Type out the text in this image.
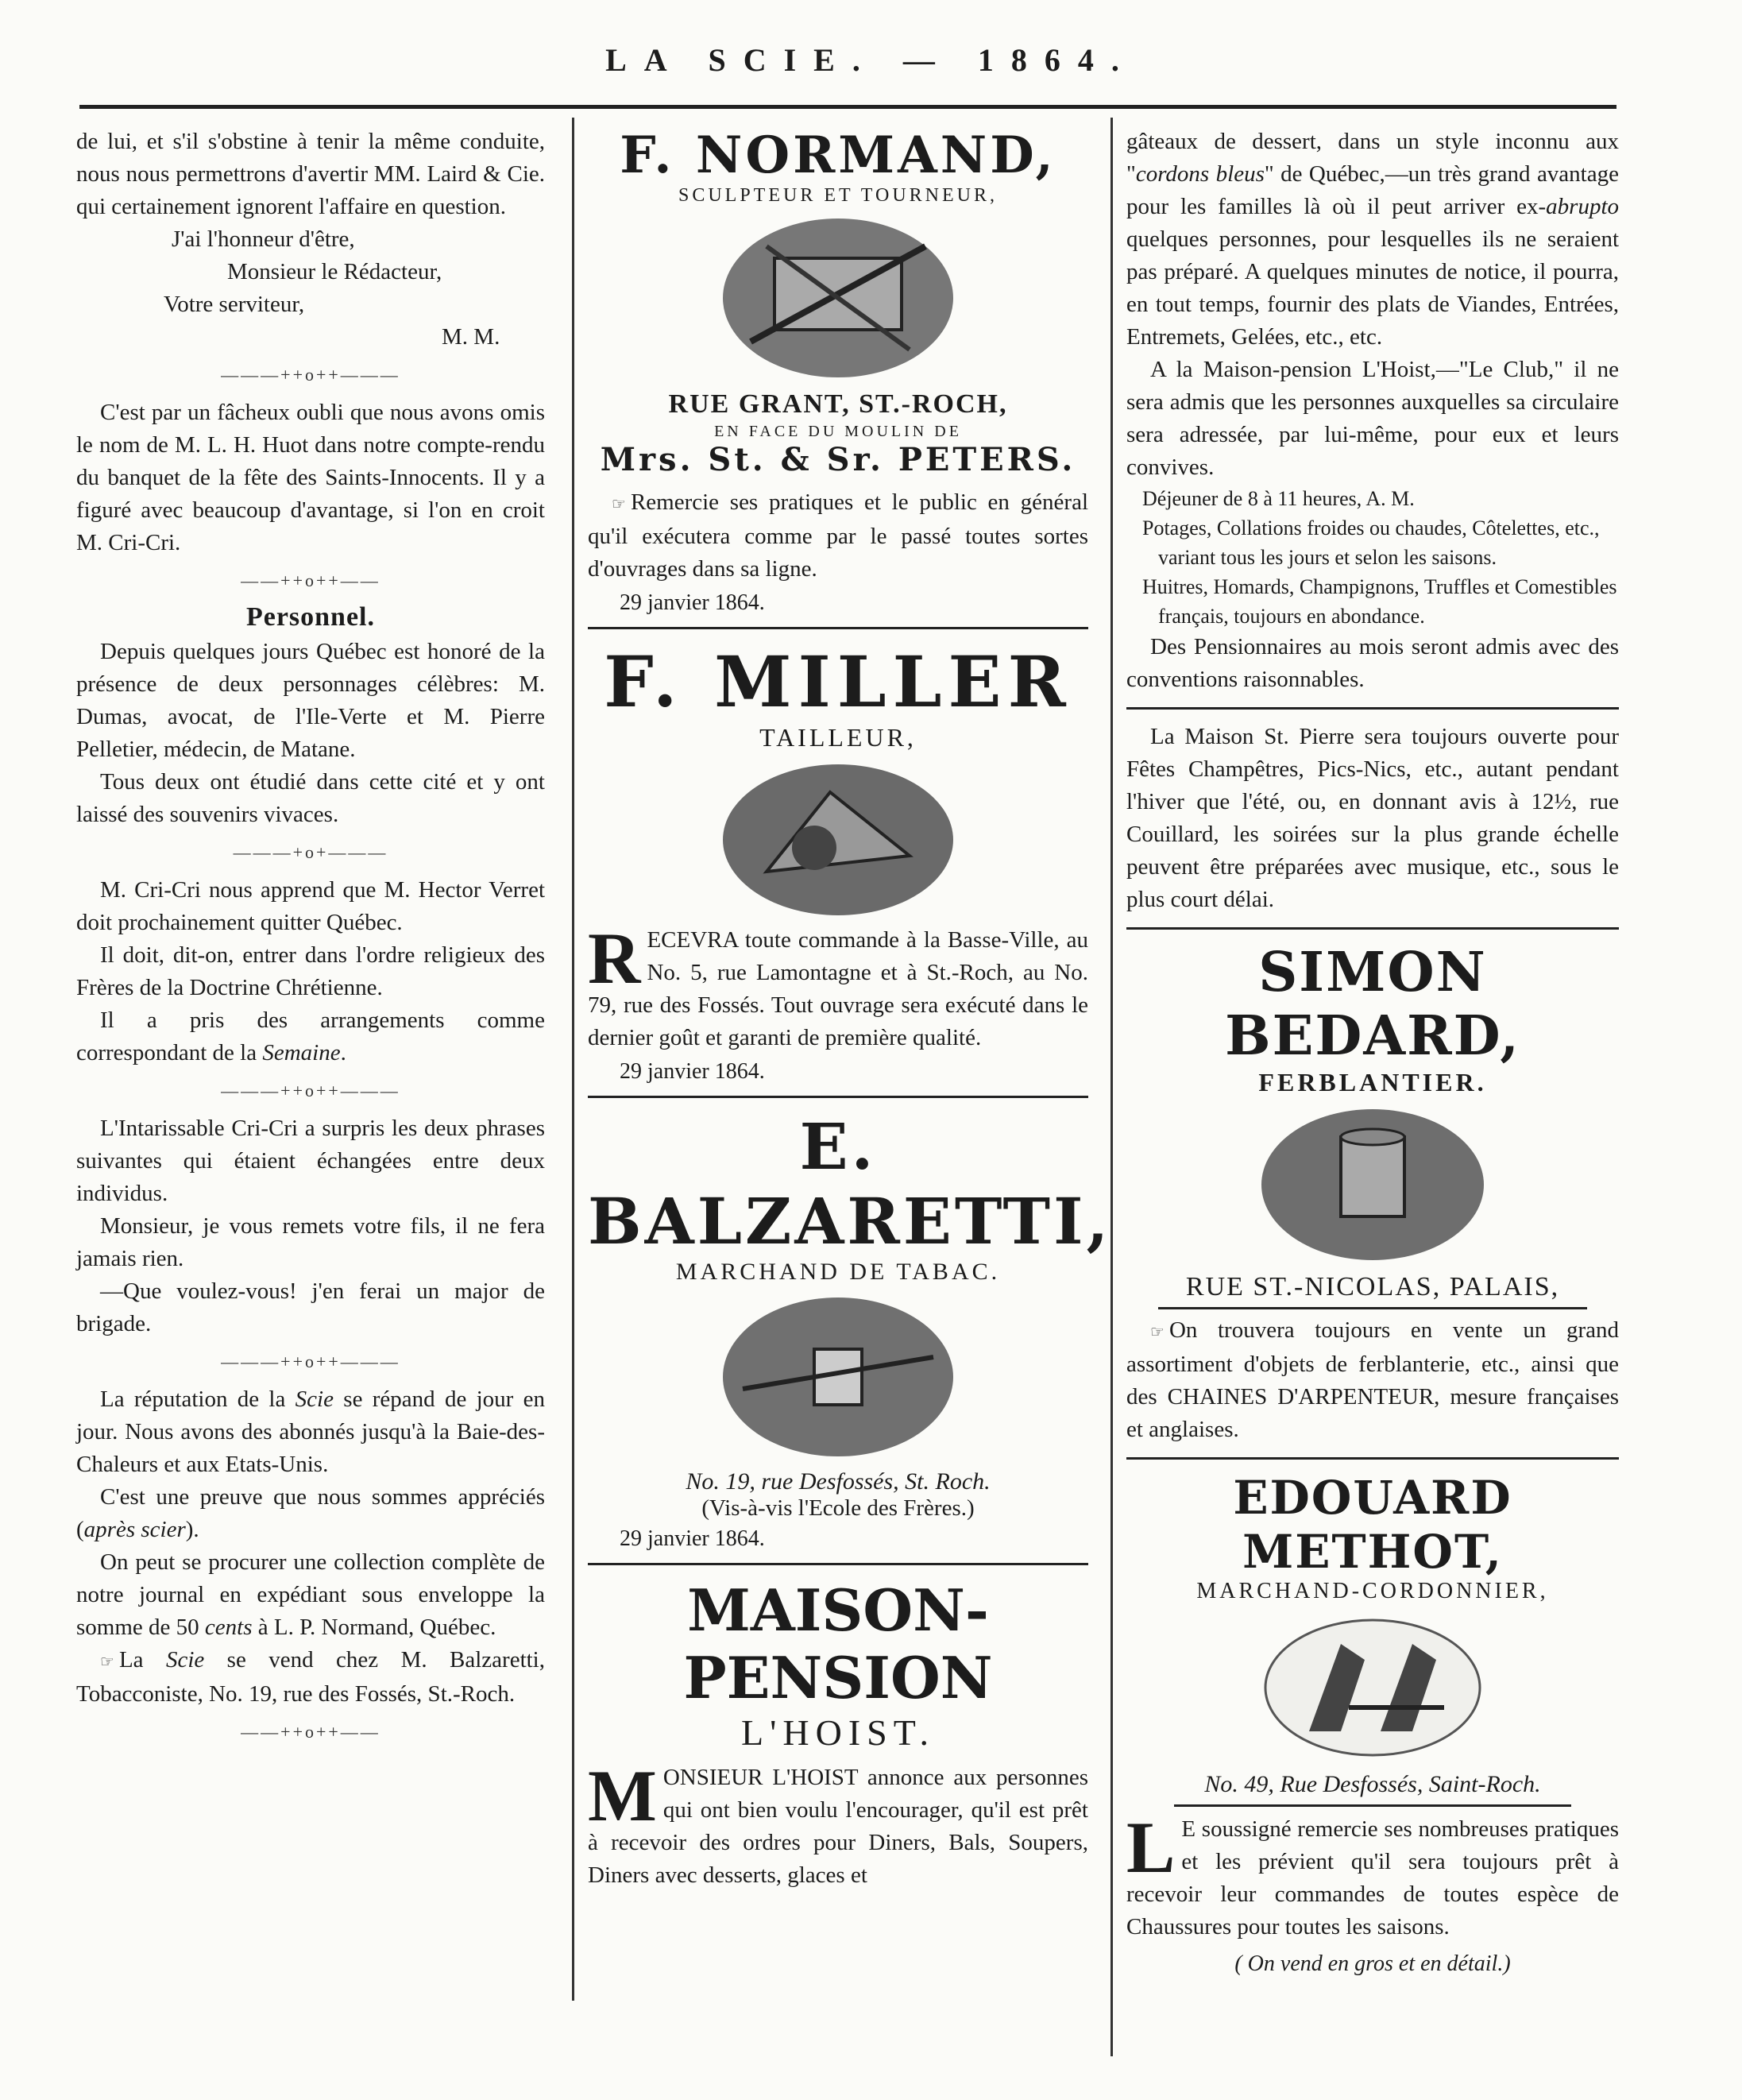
LA SCIE. — 1864.

de lui, et s'il s'obstine à tenir la même conduite, nous nous permettrons d'avertir MM. Laird & Cie. qui certainement ignorent l'affaire en question.

J'ai l'honneur d'être,
Monsieur le Rédacteur,
Votre serviteur,
M. M.
———++o++———

C'est par un fâcheux oubli que nous avons omis le nom de M. L. H. Huot dans notre compte-rendu du banquet de la fête des Saints-Innocents. Il y a figuré avec beaucoup d'avantage, si l'on en croit M. Cri-Cri.

——++o++——
Personnel.

Depuis quelques jours Québec est honoré de la présence de deux personnages célèbres: M. Dumas, avocat, de l'Ile-Verte et M. Pierre Pelletier, médecin, de Matane.

Tous deux ont étudié dans cette cité et y ont laissé des souvenirs vivaces.

———+o+———

M. Cri-Cri nous apprend que M. Hector Verret doit prochainement quitter Québec.

Il doit, dit-on, entrer dans l'ordre religieux des Frères de la Doctrine Chrétienne.

Il a pris des arrangements comme correspondant de la Semaine.

———++o++———

L'Intarissable Cri-Cri a surpris les deux phrases suivantes qui étaient échangées entre deux individus.

Monsieur, je vous remets votre fils, il ne fera jamais rien.

—Que voulez-vous! j'en ferai un major de brigade.

———++o++———

La réputation de la Scie se répand de jour en jour. Nous avons des abonnés jusqu'à la Baie-des-Chaleurs et aux Etats-Unis.

C'est une preuve que nous sommes appréciés (après scier).

On peut se procurer une collection complète de notre journal en expédiant sous enveloppe la somme de 50 cents à L. P. Normand, Québec.

☞ La Scie se vend chez M. Balzaretti, Tobacconiste, No. 19, rue des Fossés, St.-Roch.

——++o++——
F. NORMAND,
SCULPTEUR ET TOURNEUR,
RUE GRANT, ST.-ROCH,
EN FACE DU MOULIN DE
Mrs. St. & Sr. PETERS.

☞ Remercie ses pratiques et le public en général qu'il exécutera comme par le passé toutes sortes d'ouvrages dans sa ligne.

29 janvier 1864.
F. MILLER
TAILLEUR,

RECEVRA toute commande à la Basse-Ville, au No. 5, rue Lamontagne et à St.-Roch, au No. 79, rue des Fossés. Tout ouvrage sera exécuté dans le dernier goût et garanti de première qualité.

29 janvier 1864.
E. BALZARETTI,
MARCHAND DE TABAC.
No. 19, rue Desfossés, St. Roch.
(Vis-à-vis l'Ecole des Frères.)
29 janvier 1864.
MAISON-PENSION
L'HOIST.

MONSIEUR L'HOIST annonce aux personnes qui ont bien voulu l'encourager, qu'il est prêt à recevoir des ordres pour Diners, Bals, Soupers, Diners avec desserts, glaces et

gâteaux de dessert, dans un style inconnu aux "cordons bleus" de Québec,—un très grand avantage pour les familles là où il peut arriver ex-abrupto quelques personnes, pour lesquelles ils ne seraient pas préparé. A quelques minutes de notice, il pourra, en tout temps, fournir des plats de Viandes, Entrées, Entremets, Gelées, etc., etc.

A la Maison-pension L'Hoist,—"Le Club," il ne sera admis que les personnes auxquelles sa circulaire sera adressée, par lui-même, pour eux et leurs convives.

Déjeuner de 8 à 11 heures, A. M.
Potages, Collations froides ou chaudes, Côtelettes, etc., variant tous les jours et selon les saisons.
Huitres, Homards, Champignons, Truffles et Comestibles français, toujours en abondance.

Des Pensionnaires au mois seront admis avec des conventions raisonnables.

La Maison St. Pierre sera toujours ouverte pour Fêtes Champêtres, Pics-Nics, etc., autant pendant l'hiver que l'été, ou, en donnant avis à 12½, rue Couillard, les soirées sur la plus grande échelle peuvent être préparées avec musique, etc., sous le plus court délai.

SIMON BEDARD,
FERBLANTIER.
RUE ST.-NICOLAS, PALAIS,

☞ On trouvera toujours en vente un grand assortiment d'objets de ferblanterie, etc., ainsi que des CHAINES D'ARPENTEUR, mesure françaises et anglaises.

EDOUARD METHOT,
MARCHAND-CORDONNIER,
No. 49, Rue Desfossés, Saint-Roch.

L E soussigné remercie ses nombreuses pratiques et les prévient qu'il sera toujours prêt à recevoir leur commandes de toutes espèce de Chaussures pour toutes les saisons.

( On vend en gros et en détail.)
